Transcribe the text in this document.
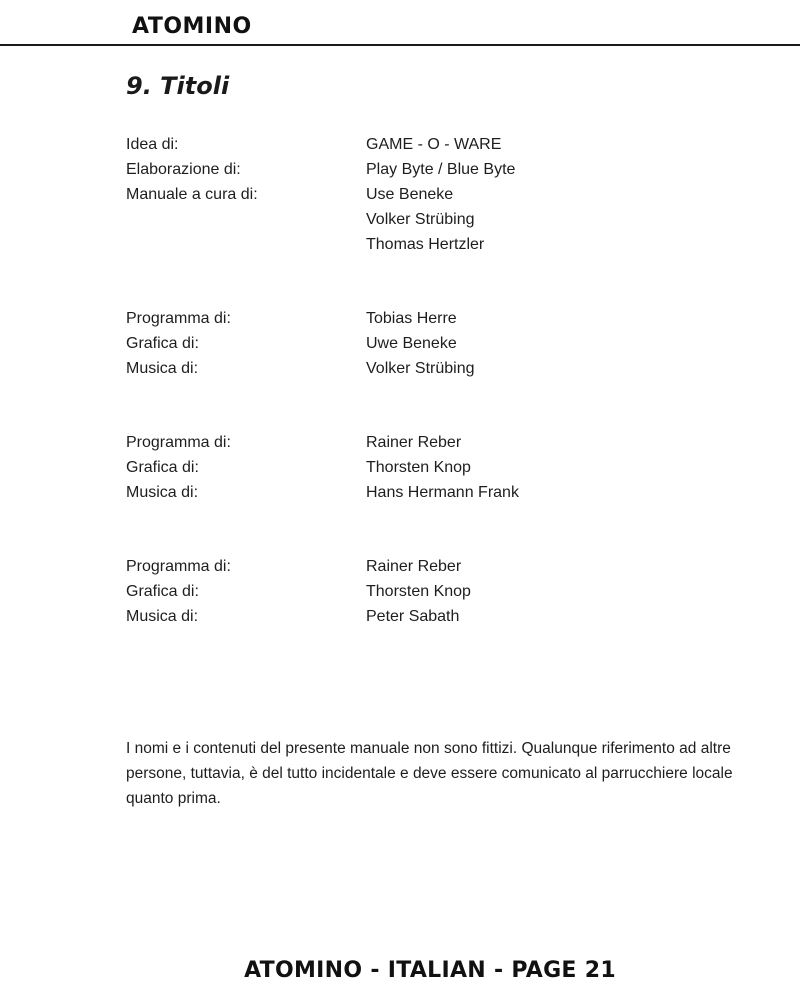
ATOMINO
9. Titoli
Idea di:	GAME - O - WARE
Elaborazione di:	Play Byte / Blue Byte
Manuale a cura di:	Use Beneke
Volker Strübing
Thomas Hertzler
Programma di:	Tobias Herre
Grafica di:	Uwe Beneke
Musica di:	Volker Strübing
Programma di:	Rainer Reber
Grafica di:	Thorsten Knop
Musica di:	Hans Hermann Frank
Programma di:	Rainer Reber
Grafica di:	Thorsten Knop
Musica di:	Peter Sabath
I nomi e i contenuti del presente manuale non sono fittizi. Qualunque riferimento ad altre persone, tuttavia, è del tutto incidentale e deve essere comunicato al parrucchiere locale quanto prima.
ATOMINO - ITALIAN - PAGE 21
